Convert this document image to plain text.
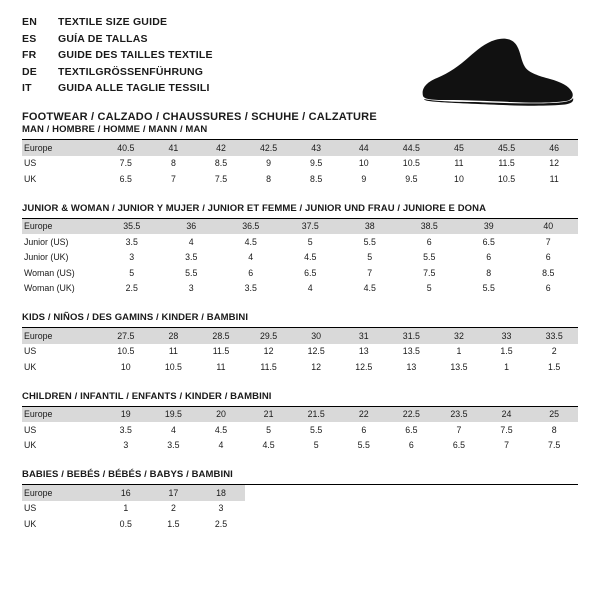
EN	TEXTILE SIZE GUIDE
ES	GUÍA DE TALLAS
FR	GUIDE DES TAILLES TEXTILE
DE	TEXTILGRÖSSENFÜHRUNG
IT	GUIDA ALLE TAGLIE TESSILI
FOOTWEAR / CALZADO / CHAUSSURES / SCHUHE / CALZATURE
MAN / HOMBRE / HOMME / MANN / MAN
Europe	40.5	41	42	42.5	43	44	44.5	45	45.5	46
US	7.5	8	8.5	9	9.5	10	10.5	11	11.5	12
UK	6.5	7	7.5	8	8.5	9	9.5	10	10.5	11
JUNIOR & WOMAN / JUNIOR Y MUJER / JUNIOR ET FEMME / JUNIOR UND FRAU / JUNIORE E DONA
Europe	35.5	36	36.5	37.5	38	38.5	39	40
Junior (US)	3.5	4	4.5	5	5.5	6	6.5	7
Junior (UK)	3	3.5	4	4.5	5	5.5	6	6
Woman (US)	5	5.5	6	6.5	7	7.5	8	8.5
Woman (UK)	2.5	3	3.5	4	4.5	5	5.5	6
KIDS / NIÑOS / DES GAMINS / KINDER / BAMBINI
Europe	27.5	28	28.5	29.5	30	31	31.5	32	33	33.5
US	10.5	11	11.5	12	12.5	13	13.5	1	1.5	2
UK	10	10.5	11	11.5	12	12.5	13	13.5	1	1.5
CHILDREN / INFANTIL / ENFANTS / KINDER / BAMBINI
Europe	19	19.5	20	21	21.5	22	22.5	23.5	24	25
US	3.5	4	4.5	5	5.5	6	6.5	7	7.5	8
UK	3	3.5	4	4.5	5	5.5	6	6.5	7	7.5
BABIES / BEBÉS / BÉBÉS / BABYS / BAMBINI
Europe	16	17	18							
US	1	2	3							
UK	0.5	1.5	2.5							
